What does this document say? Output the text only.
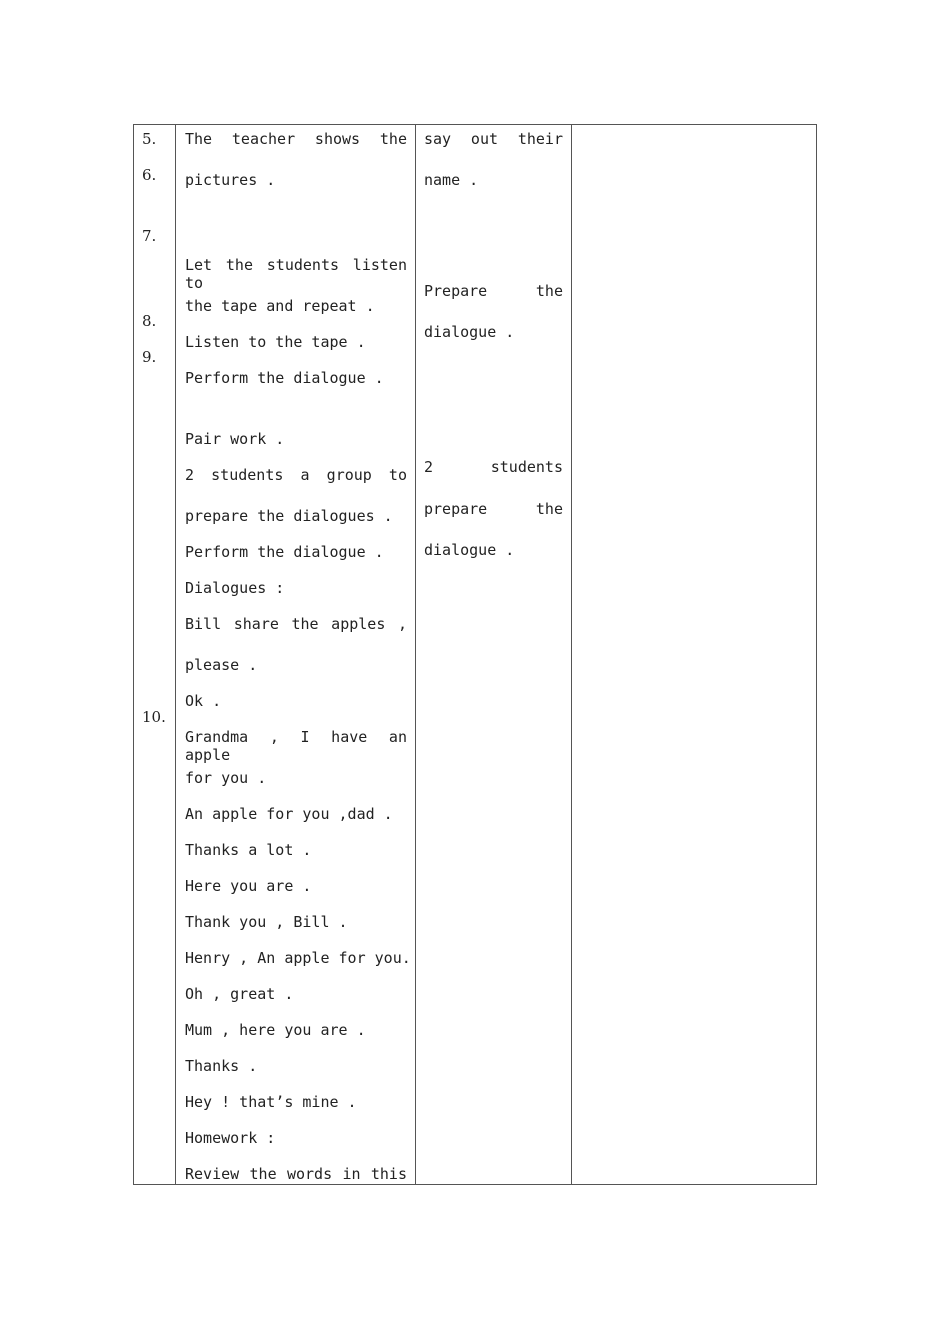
5.
6.
7.
8.
9.
10.
The teacher shows the
pictures .
Let the students listen to
the tape and repeat .
Listen to the tape .
Perform the dialogue .
Pair work .
2 students a group to
prepare the dialogues .
Perform the dialogue .
Dialogues :
Bill share the apples ,
please .
Ok .
Grandma , I have an apple
for you .
An apple for you ,dad .
Thanks a lot .
Here you are .
Thank you , Bill .
Henry , An apple for you.
Oh , great .
Mum , here you are .
Thanks .
Hey ! that’s mine .
Homework :
Review the words in this
say out their
name .
Prepare the
dialogue .
2 students
prepare the
dialogue .
